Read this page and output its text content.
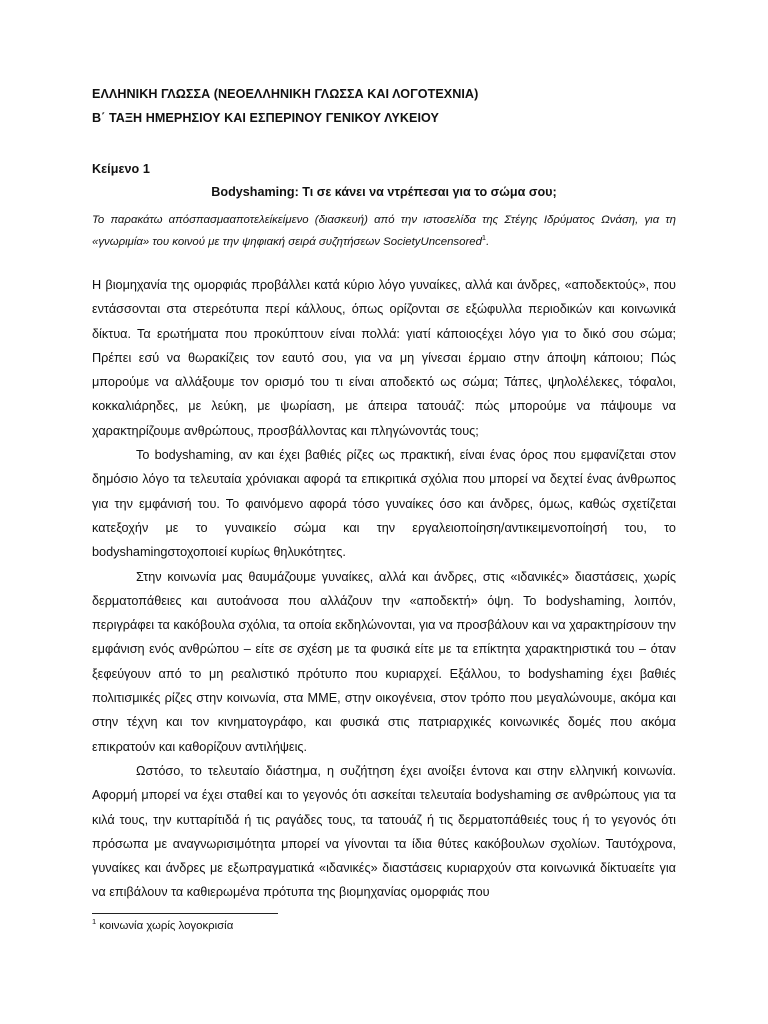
ΕΛΛΗΝΙΚΗ ΓΛΩΣΣΑ (ΝΕΟΕΛΛΗΝΙΚΗ ΓΛΩΣΣΑ ΚΑΙ ΛΟΓΟΤΕΧΝΙΑ)
Β΄ ΤΑΞΗ ΗΜΕΡΗΣΙΟΥ ΚΑΙ ΕΣΠΕΡΙΝΟΥ ΓΕΝΙΚΟΥ ΛΥΚΕΙΟΥ
Κείμενο 1
Bodyshaming: Τι σε κάνει να ντρέπεσαι για το σώμα σου;
Το παρακάτω απόσπασμααποτελείκείμενο (διασκευή) από την ιστοσελίδα της Στέγης Ιδρύματος Ωνάση, για τη «γνωριμία» του κοινού με την ψηφιακή σειρά συζητήσεων SocietyUncensored$^1$.

Η βιομηχανία της ομορφιάς προβάλλει κατά κύριο λόγο γυναίκες, αλλά και άνδρες, «αποδεκτούς», που εντάσσονται στα στερεότυπα περί κάλλους, όπως ορίζονται σε εξώφυλλα περιοδικών και κοινωνικά δίκτυα. Τα ερωτήματα που προκύπτουν είναι πολλά: γιατί κάποιοςέχει λόγο για το δικό σου σώμα; Πρέπει εσύ να θωρακίζεις τον εαυτό σου, για να μη γίνεσαι έρμαιο στην άποψη κάποιου; Πώς μπορούμε να αλλάξουμε τον ορισμό του τι είναι αποδεκτό ως σώμα; Τάπες, ψηλολέλεκες, τόφαλοι, κοκκαλιάρηδες, με λεύκη, με ψωρίαση, με άπειρα τατουάζ: πώς μπορούμε να πάψουμε να χαρακτηρίζουμε ανθρώπους, προσβάλλοντας και πληγώνοντάς τους;

Το bodyshaming, αν και έχει βαθιές ρίζες ως πρακτική, είναι ένας όρος που εμφανίζεται στον δημόσιο λόγο τα τελευταία χρόνιακαι αφορά τα επικριτικά σχόλια που μπορεί να δεχτεί ένας άνθρωπος για την εμφάνισή του. Το φαινόμενο αφορά τόσο γυναίκες όσο και άνδρες, όμως, καθώς σχετίζεται κατεξοχήν με το γυναικείο σώμα και την εργαλειοποίηση/αντικειμενοποίησή του, το bodyshamingστοχοποιεί κυρίως θηλυκότητες.

Στην κοινωνία μας θαυμάζουμε γυναίκες, αλλά και άνδρες, στις «ιδανικές» διαστάσεις, χωρίς δερματοπάθειες και αυτοάνοσα που αλλάζουν την «αποδεκτή» όψη. Το bodyshaming, λοιπόν, περιγράφει τα κακόβουλα σχόλια, τα οποία εκδηλώνονται, για να προσβάλουν και να χαρακτηρίσουν την εμφάνιση ενός ανθρώπου – είτε σε σχέση με τα φυσικά είτε με τα επίκτητα χαρακτηριστικά του – όταν ξεφεύγουν από το μη ρεαλιστικό πρότυπο που κυριαρχεί. Εξάλλου, το bodyshaming έχει βαθιές πολιτισμικές ρίζες στην κοινωνία, στα ΜΜΕ, στην οικογένεια, στον τρόπο που μεγαλώνουμε, ακόμα και στην τέχνη και τον κινηματογράφο, και φυσικά στις πατριαρχικές κοινωνικές δομές που ακόμα επικρατούν και καθορίζουν αντιλήψεις.

Ωστόσο, το τελευταίο διάστημα, η συζήτηση έχει ανοίξει έντονα και στην ελληνική κοινωνία. Αφορμή μπορεί να έχει σταθεί και το γεγονός ότι ασκείται τελευταία bodyshaming σε ανθρώπους για τα κιλά τους, την κυτταρίτιδά ή τις ραγάδες τους, τα τατουάζ ή τις δερματοπάθειές τους ή το γεγονός ότι πρόσωπα με αναγνωρισιμότητα μπορεί να γίνονται τα ίδια θύτες κακόβουλων σχολίων. Ταυτόχρονα, γυναίκες και άνδρες με εξωπραγματικά «ιδανικές» διαστάσεις κυριαρχούν στα κοινωνικά δίκτυαείτε για να επιβάλουν τα καθιερωμένα πρότυπα της βιομηχανίας ομορφιάς που

$^1$ κοινωνία χωρίς λογοκρισία
